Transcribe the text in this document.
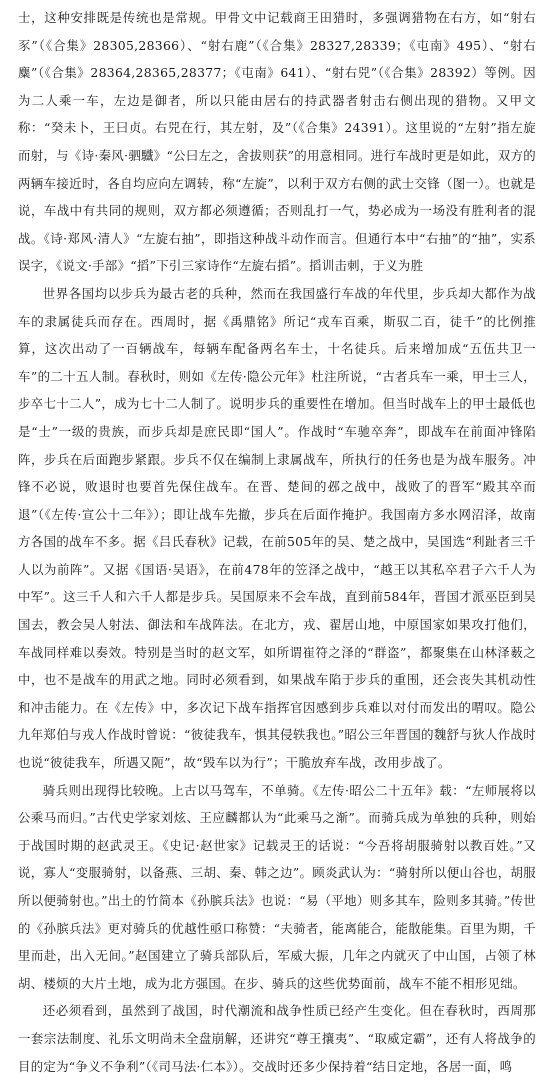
士，这种安排既是传统也是常规。甲骨文中记载商王田猎时，多强调猎物在右方，如“射右豕”（《合集》28305,28366）、“射右鹿”（《合集》28327,28339；《屯南》495）、“射右麋”（《合集》28364,28365,28377；《屯南》641）、“射右兕”（《合集》28392）等例。因为二人乘一车，左边是御者，所以只能由居右的持武器者射击右侧出现的猎物。又甲文称：“癸未卜，王曰贞。右兕在行，其左射，及”（《合集》24391）。这里说的“左射”指左旋而射，与《诗·秦风·驷驖》“公曰左之，舍拔则获”的用意相同。进行车战时更是如此，双方的两辆车接近时，各自均应向左调转，称“左旋”，以利于双方右侧的武士交锋（图一）。也就是说，车战中有共同的规则，双方都必须遵循；否则乱打一气，势必成为一场没有胜利者的混战。《诗·郑风·清人》“左旋右抽”，即指这种战斗动作而言。但通行本中“右抽”的“抽”，实系误字，《说文·手部》“搯”下引三家诗作“左旋右搯”。搯训击刺，于义为胜

世界各国均以步兵为最古老的兵种，然而在我国盛行车战的年代里，步兵却大都作为战车的隶属徒兵而存在。西周时，据《禹鼎铭》所记“戎车百乘，斯驭二百，徒千”的比例推算，这次出动了一百辆战车，每辆车配备两名车士，十名徒兵。后来增加成“五伍共卫一车”的二十五人制。春秋时，则如《左传·隐公元年》杜注所说，“古者兵车一乘，甲士三人，步卒七十二人”，成为七十二人制了。说明步兵的重要性在增加。但当时战车上的甲士最低也是“士”一级的贵族，而步兵却是庶民即“国人”。作战时“车驰卒奔”，即战车在前面冲锋陷阵，步兵在后面跑步紧跟。步兵不仅在编制上隶属战车，所执行的任务也是为战车服务。冲锋不必说，败退时也要首先保住战车。在晋、楚间的邲之战中，战败了的晋军“殿其卒而退”（《左传·宣公十二年》）；即让战车先撤，步兵在后面作掩护。我国南方多水网沼泽，故南方各国的战车不多。据《吕氏春秋》记载，在前505年的吴、楚之战中，吴国选“利趾者三千人以为前阵”。又据《国语·吴语》，在前478年的笠泽之战中，“越王以其私卒君子六千人为中军”。这三千人和六千人都是步兵。吴国原来不会车战，直到前584年，晋国才派巫臣到吴国去，教会吴人射法、御法和车战阵法。在北方，戎、翟居山地，中原国家如果攻打他们，车战同样难以奏效。特别是当时的赵文军，如所谓崔符之泽的“群盗”，都聚集在山林泽薮之中，也不是战车的用武之地。同时必须看到，如果战车陷于步兵的重围，还会丧失其机动性和冲击能力。在《左传》中，多次记下战车指挥官因感到步兵难以对付而发出的喟叹。隐公九年郑伯与戎人作战时曾说：“彼徒我车，惧其侵轶我也。”昭公三年晋国的魏舒与狄人作战时也说“彼徒我车，所遇又阨”，故“毁车以为行”；干脆放弃车战，改用步战了。

骑兵则出现得比较晚。上古以马驾车，不单骑。《左传·昭公二十五年》载：“左师展将以公乘马而归。”古代史学家刘炫、王应麟都认为“此乘马之渐”。而骑兵成为单独的兵种，则始于战国时期的赵武灵王。《史记·赵世家》记载灵王的话说：“今吾将胡服骑射以教百姓。”又说，寡人“变服骑射，以备燕、三胡、秦、韩之边”。顾炎武认为：“骑射所以便山谷也，胡服所以便骑射也。”出土的竹简本《孙膑兵法》也说：“易（平地）则多其车，险则多其骑。”传世的《孙膑兵法》更对骑兵的优越性亟口称赞：“夫骑者，能离能合，能散能集。百里为期，千里而赴，出入无间。”赵国建立了骑兵部队后，军威大振，几年之内就灭了中山国，占领了林胡、楼烦的大片土地，成为北方强国。在步、骑兵的这些优势面前，战车不能不相形见绌。

还必须看到，虽然到了战国，时代潮流和战争性质已经产生变化。但在春秋时，西周那一套宗法制度、礼乐文明尚未全盘崩解，还讲究“尊王攘夷”、“取威定霸”，还有人将战争的目的定为“争义不争利”（《司马法·仁本》）。交战时还多少保持着“结日定地，各居一面，鸣
